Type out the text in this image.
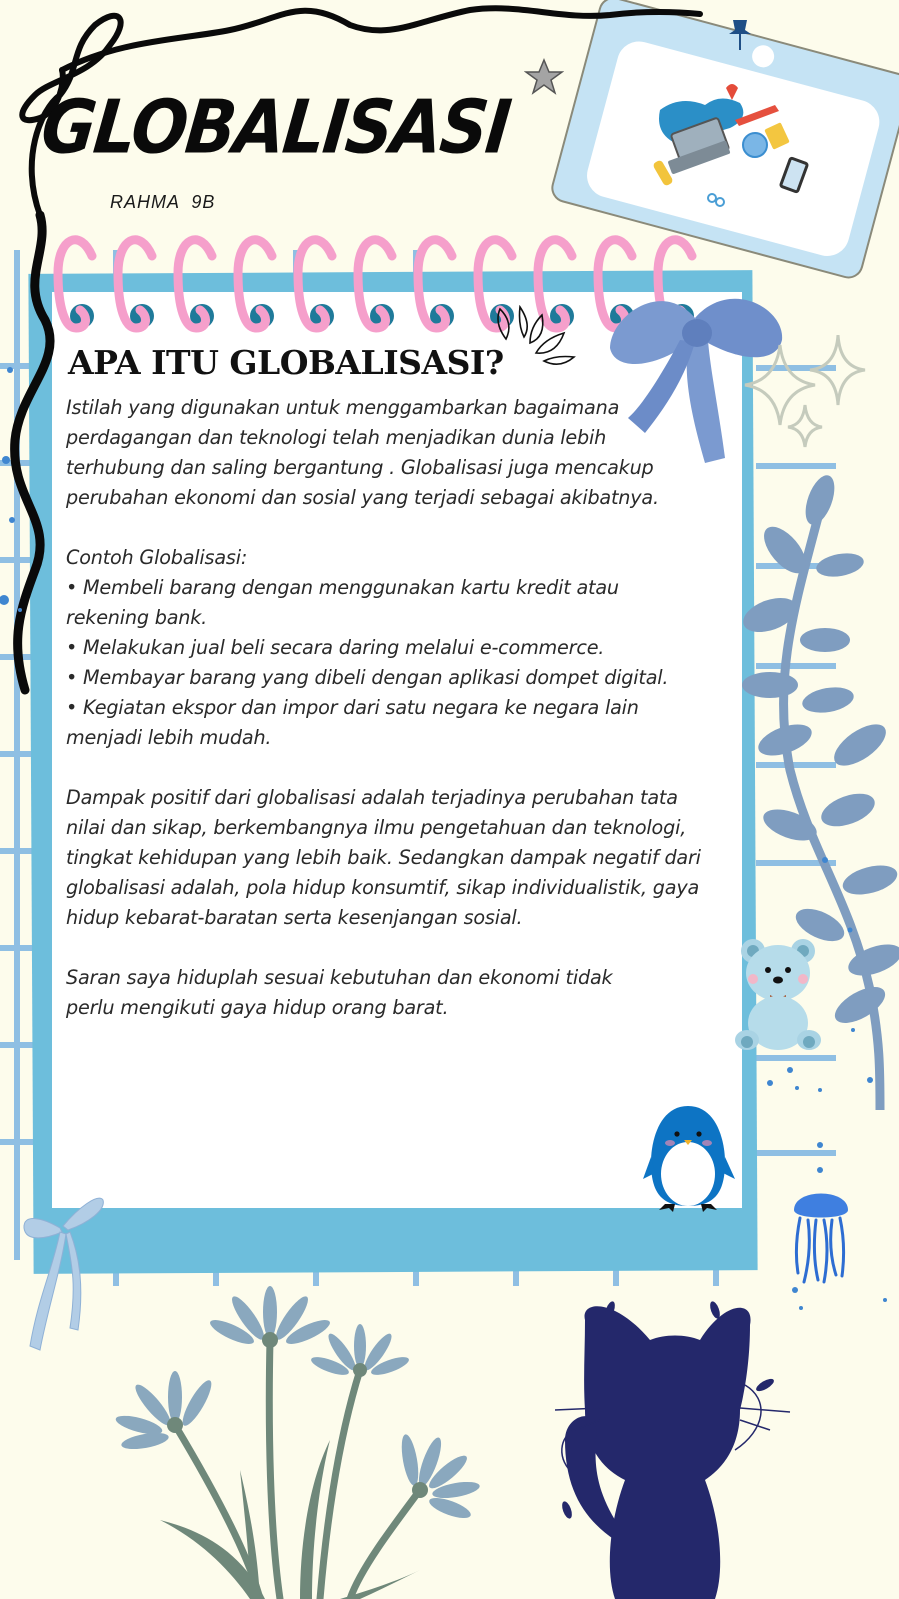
GLOBALISASI
RAHMA 9B
APA ITU GLOBALISASI?

Istilah yang digunakan untuk menggambarkan bagaimana perdagangan dan teknologi telah menjadikan dunia lebih terhubung dan saling bergantung . Globalisasi juga mencakup perubahan ekonomi dan sosial yang terjadi sebagai akibatnya.

Contoh Globalisasi:

• Membeli barang dengan menggunakan kartu kredit atau rekening bank.

• Melakukan jual beli secara daring melalui e-commerce.

• Membayar barang yang dibeli dengan aplikasi dompet digital.

• Kegiatan ekspor dan impor dari satu negara ke negara lain menjadi lebih mudah.

Dampak positif dari globalisasi adalah terjadinya perubahan tata nilai dan sikap, berkembangnya ilmu pengetahuan dan teknologi, tingkat kehidupan yang lebih baik. Sedangkan dampak negatif dari globalisasi adalah, pola hidup konsumtif, sikap individualistik, gaya hidup kebarat-baratan serta kesenjangan sosial.

Saran saya hiduplah sesuai kebutuhan dan ekonomi tidak perlu mengikuti gaya hidup orang barat.
